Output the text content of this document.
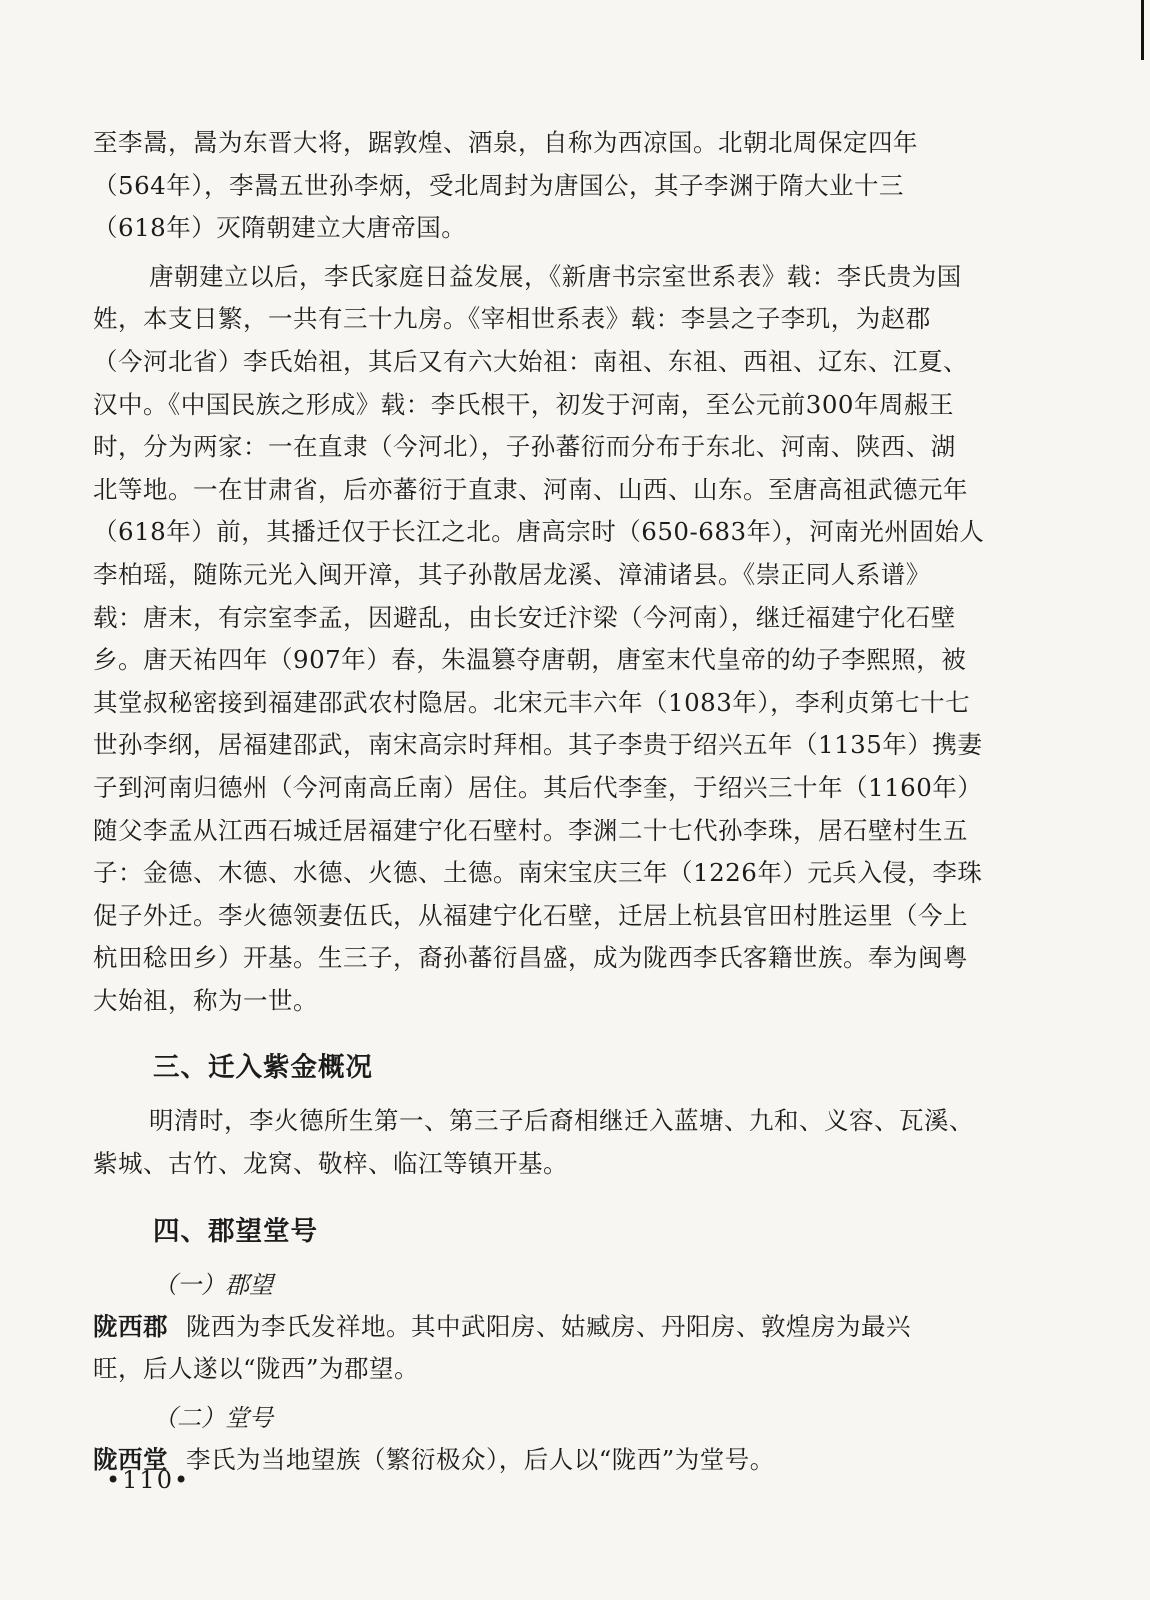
至李暠，暠为东晋大将，踞敦煌、酒泉，自称为西凉国。北朝北周保定四年
（564年），李暠五世孙李炳，受北周封为唐国公，其子李渊于隋大业十三
（618年）灭隋朝建立大唐帝国。

唐朝建立以后，李氏家庭日益发展，《新唐书宗室世系表》载：李氏贵为国
姓，本支日繁，一共有三十九房。《宰相世系表》载：李昙之子李玑，为赵郡
（今河北省）李氏始祖，其后又有六大始祖：南祖、东祖、西祖、辽东、江夏、
汉中。《中国民族之形成》载：李氏根干，初发于河南，至公元前300年周赧王
时，分为两家：一在直隶（今河北），子孙蕃衍而分布于东北、河南、陕西、湖
北等地。一在甘肃省，后亦蕃衍于直隶、河南、山西、山东。至唐高祖武德元年
（618年）前，其播迁仅于长江之北。唐高宗时（650-683年），河南光州固始人
李柏瑶，随陈元光入闽开漳，其子孙散居龙溪、漳浦诸县。《崇正同人系谱》
载：唐末，有宗室李孟，因避乱，由长安迁汴梁（今河南），继迁福建宁化石壁
乡。唐天祐四年（907年）春，朱温篡夺唐朝，唐室末代皇帝的幼子李熙照，被
其堂叔秘密接到福建邵武农村隐居。北宋元丰六年（1083年），李利贞第七十七
世孙李纲，居福建邵武，南宋高宗时拜相。其子李贵于绍兴五年（1135年）携妻
子到河南归德州（今河南高丘南）居住。其后代李奎，于绍兴三十年（1160年）
随父李孟从江西石城迁居福建宁化石壁村。李渊二十七代孙李珠，居石壁村生五
子：金德、木德、水德、火德、土德。南宋宝庆三年（1226年）元兵入侵，李珠
促子外迁。李火德领妻伍氏，从福建宁化石壁，迁居上杭县官田村胜运里（今上
杭田稔田乡）开基。生三子，裔孙蕃衍昌盛，成为陇西李氏客籍世族。奉为闽粤
大始祖，称为一世。

三、迁入紫金概况

明清时，李火德所生第一、第三子后裔相继迁入蓝塘、九和、义容、瓦溪、
紫城、古竹、龙窝、敬梓、临江等镇开基。

四、郡望堂号
（一）郡望

陇西郡 陇西为李氏发祥地。其中武阳房、姑臧房、丹阳房、敦煌房为最兴
旺，后人遂以“陇西”为郡望。

（二）堂号

陇西堂 李氏为当地望族（繁衍极众），后人以“陇西”为堂号。

•110•
